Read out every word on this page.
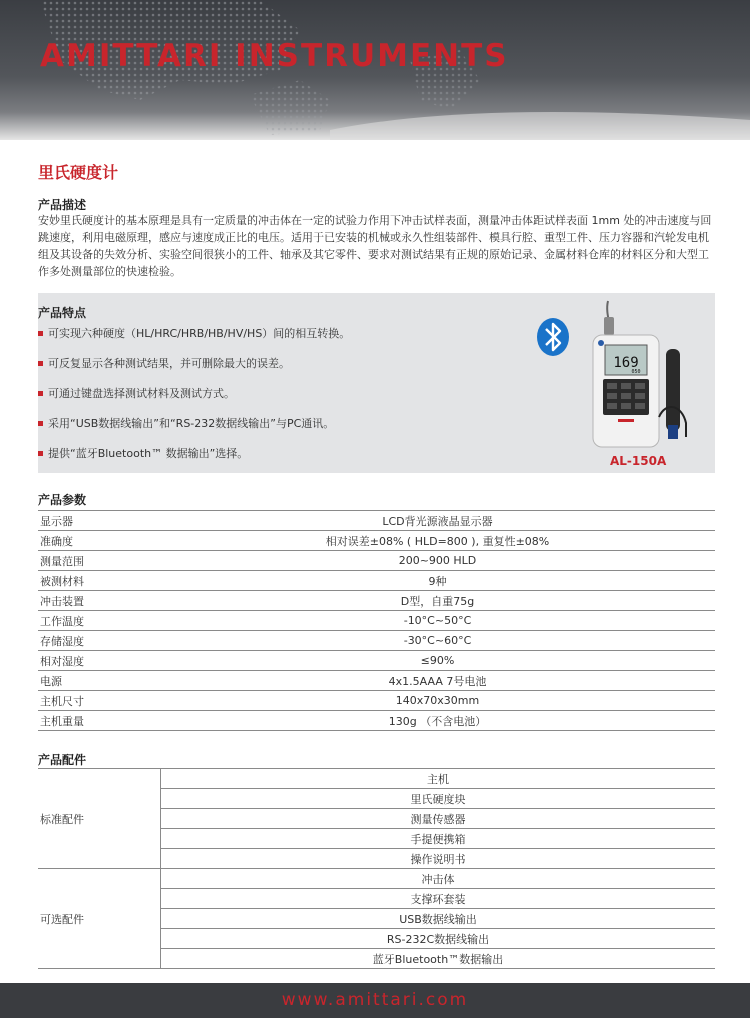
AMITTARI INSTRUMENTS
里氏硬度计
产品描述
安妙里氏硬度计的基本原理是具有一定质量的冲击体在一定的试验力作用下冲击试样表面，测量冲击体距试样表面 1mm 处的冲击速度与回跳速度，利用电磁原理，感应与速度成正比的电压。适用于已安装的机械或永久性组装部件、模具行腔、重型工件、压力容器和汽轮发电机组及其设备的失效分析、实验空间很狭小的工件、轴承及其它零件、要求对测试结果有正规的原始记录、金属材料仓库的材料区分和大型工作多处测量部位的快速检验。
产品特点
可实现六种硬度（HL/HRC/HRB/HB/HV/HS）间的相互转换。
可反复显示各种测试结果，并可删除最大的误差。
可通过键盘选择测试材料及测试方式。
采用“USB数据线输出”和“RS-232数据线输出”与PC通讯。
提供“蓝牙Bluetooth™ 数据输出”选择。
169
050
AL-150A
产品参数
显示器	LCD背光源液晶显示器
准确度	相对误差±08% ( HLD=800 ), 重复性±08%
测量范围	200~900 HLD
被测材料	9种
冲击装置	D型，自重75g
工作温度	-10°C~50°C
存储湿度	-30°C~60°C
相对湿度	≤90%
电源	4x1.5AAA 7号电池
主机尺寸	140x70x30mm
主机重量	130g （不含电池）
产品配件
标准配件	主机
	里氏硬度块
	测量传感器
	手提便携箱
	操作说明书
可选配件	冲击体
	支撑环套装
	USB数据线输出
	RS-232C数据线输出
	蓝牙Bluetooth™数据输出
www.amittari.com
